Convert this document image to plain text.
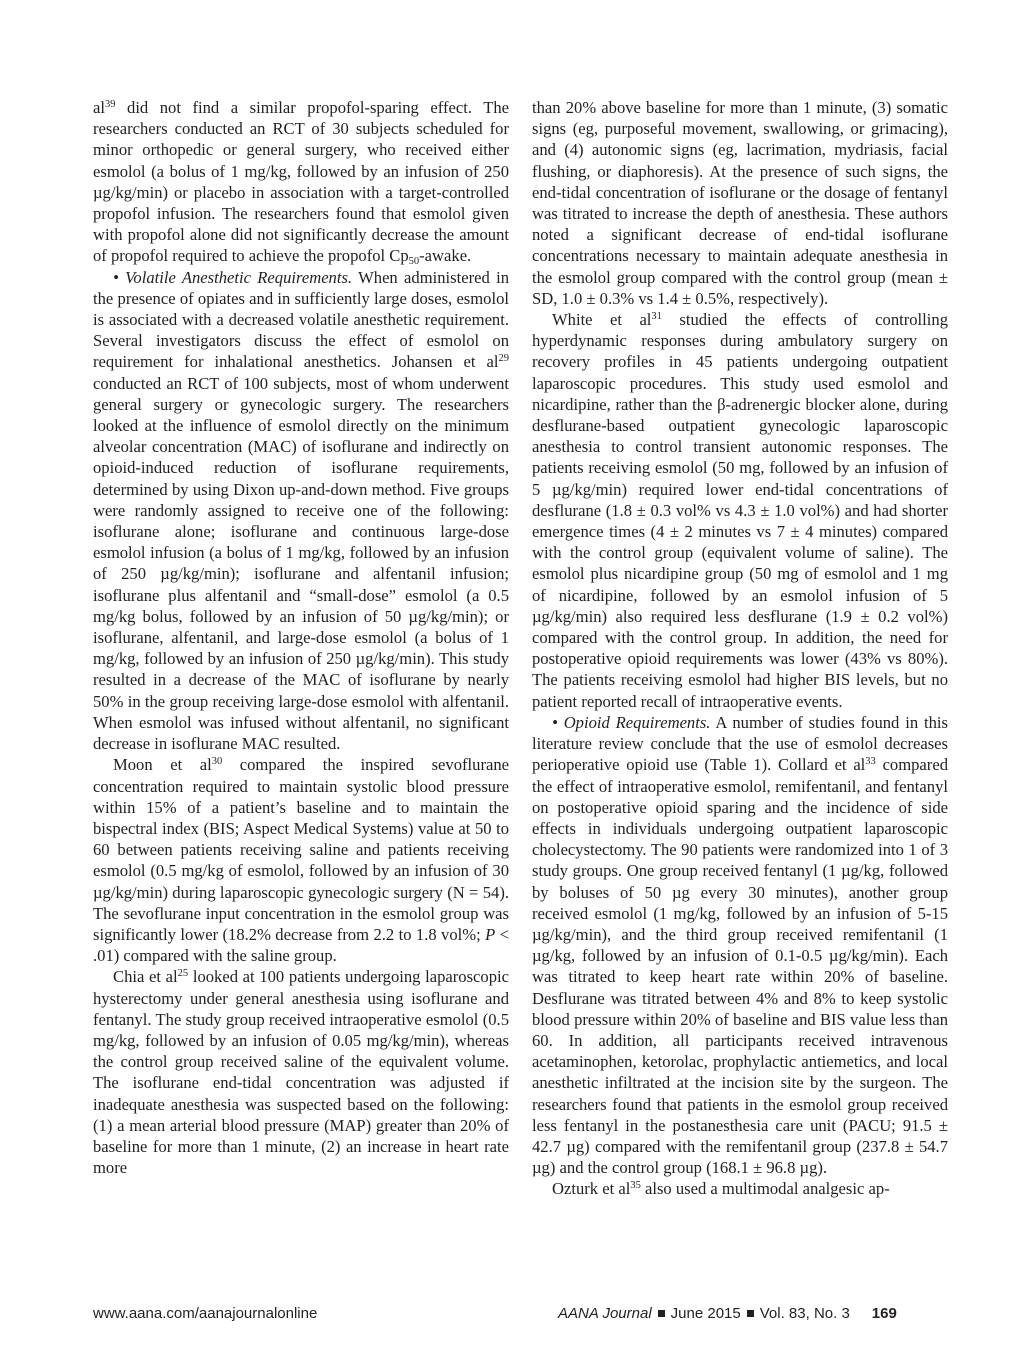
$al^{39}$ did not find a similar propofol-sparing effect. The researchers conducted an RCT of 30 subjects scheduled for minor orthopedic or general surgery, who received either esmolol (a bolus of 1 mg/kg, followed by an infusion of 250 µg/kg/min) or placebo in association with a target-controlled propofol infusion. The researchers found that esmolol given with propofol alone did not significantly decrease the amount of propofol required to achieve the propofol $Cp_{50}$-awake.

• Volatile Anesthetic Requirements. When administered in the presence of opiates and in sufficiently large doses, esmolol is associated with a decreased volatile anesthetic requirement. Several investigators discuss the effect of esmolol on requirement for inhalational anesthetics. Johansen et $al^{29}$ conducted an RCT of 100 subjects, most of whom underwent general surgery or gynecologic surgery. The researchers looked at the influence of esmolol directly on the minimum alveolar concentration (MAC) of isoflurane and indirectly on opioid-induced reduction of isoflurane requirements, determined by using Dixon up-and-down method. Five groups were randomly assigned to receive one of the following: isoflurane alone; isoflurane and continuous large-dose esmolol infusion (a bolus of 1 mg/kg, followed by an infusion of 250 µg/kg/min); isoflurane and alfentanil infusion; isoflurane plus alfentanil and “small-dose” esmolol (a 0.5 mg/kg bolus, followed by an infusion of 50 µg/kg/min); or isoflurane, alfentanil, and large-dose esmolol (a bolus of 1 mg/kg, followed by an infusion of 250 µg/kg/min). This study resulted in a decrease of the MAC of isoflurane by nearly 50% in the group receiving large-dose esmolol with alfentanil. When esmolol was infused without alfentanil, no significant decrease in isoflurane MAC resulted.

Moon et $al^{30}$ compared the inspired sevoflurane concentration required to maintain systolic blood pressure within 15% of a patient’s baseline and to maintain the bispectral index (BIS; Aspect Medical Systems) value at 50 to 60 between patients receiving saline and patients receiving esmolol (0.5 mg/kg of esmolol, followed by an infusion of 30 µg/kg/min) during laparoscopic gynecologic surgery (N = 54). The sevoflurane input concentration in the esmolol group was significantly lower (18.2% decrease from 2.2 to 1.8 vol%; P < .01) compared with the saline group.

Chia et $al^{25}$ looked at 100 patients undergoing laparoscopic hysterectomy under general anesthesia using isoflurane and fentanyl. The study group received intraoperative esmolol (0.5 mg/kg, followed by an infusion of 0.05 mg/kg/min), whereas the control group received saline of the equivalent volume. The isoflurane end-tidal concentration was adjusted if inadequate anesthesia was suspected based on the following: (1) a mean arterial blood pressure (MAP) greater than 20% of baseline for more than 1 minute, (2) an increase in heart rate more

than 20% above baseline for more than 1 minute, (3) somatic signs (eg, purposeful movement, swallowing, or grimacing), and (4) autonomic signs (eg, lacrimation, mydriasis, facial flushing, or diaphoresis). At the presence of such signs, the end-tidal concentration of isoflurane or the dosage of fentanyl was titrated to increase the depth of anesthesia. These authors noted a significant decrease of end-tidal isoflurane concentrations necessary to maintain adequate anesthesia in the esmolol group compared with the control group (mean ± SD, 1.0 ± 0.3% vs 1.4 ± 0.5%, respectively).

White et $al^{31}$ studied the effects of controlling hyperdynamic responses during ambulatory surgery on recovery profiles in 45 patients undergoing outpatient laparoscopic procedures. This study used esmolol and nicardipine, rather than the β-adrenergic blocker alone, during desflurane-based outpatient gynecologic laparoscopic anesthesia to control transient autonomic responses. The patients receiving esmolol (50 mg, followed by an infusion of 5 µg/kg/min) required lower end-tidal concentrations of desflurane (1.8 ± 0.3 vol% vs 4.3 ± 1.0 vol%) and had shorter emergence times (4 ± 2 minutes vs 7 ± 4 minutes) compared with the control group (equivalent volume of saline). The esmolol plus nicardipine group (50 mg of esmolol and 1 mg of nicardipine, followed by an esmolol infusion of 5 µg/kg/min) also required less desflurane (1.9 ± 0.2 vol%) compared with the control group. In addition, the need for postoperative opioid requirements was lower (43% vs 80%). The patients receiving esmolol had higher BIS levels, but no patient reported recall of intraoperative events.

• Opioid Requirements. A number of studies found in this literature review conclude that the use of esmolol decreases perioperative opioid use (Table 1). Collard et $al^{33}$ compared the effect of intraoperative esmolol, remifentanil, and fentanyl on postoperative opioid sparing and the incidence of side effects in individuals undergoing outpatient laparoscopic cholecystectomy. The 90 patients were randomized into 1 of 3 study groups. One group received fentanyl (1 µg/kg, followed by boluses of 50 µg every 30 minutes), another group received esmolol (1 mg/kg, followed by an infusion of 5-15 µg/kg/min), and the third group received remifentanil (1 µg/kg, followed by an infusion of 0.1-0.5 µg/kg/min). Each was titrated to keep heart rate within 20% of baseline. Desflurane was titrated between 4% and 8% to keep systolic blood pressure within 20% of baseline and BIS value less than 60. In addition, all participants received intravenous acetaminophen, ketorolac, prophylactic antiemetics, and local anesthetic infiltrated at the incision site by the surgeon. The researchers found that patients in the esmolol group received less fentanyl in the postanesthesia care unit (PACU; 91.5 ± 42.7 µg) compared with the remifentanil group (237.8 ± 54.7 µg) and the control group (168.1 ± 96.8 µg).

Ozturk et $al^{35}$ also used a multimodal analgesic ap-

www.aana.com/aanajournalonline	AANA Journal June 2015 Vol. 83, No. 3 169
